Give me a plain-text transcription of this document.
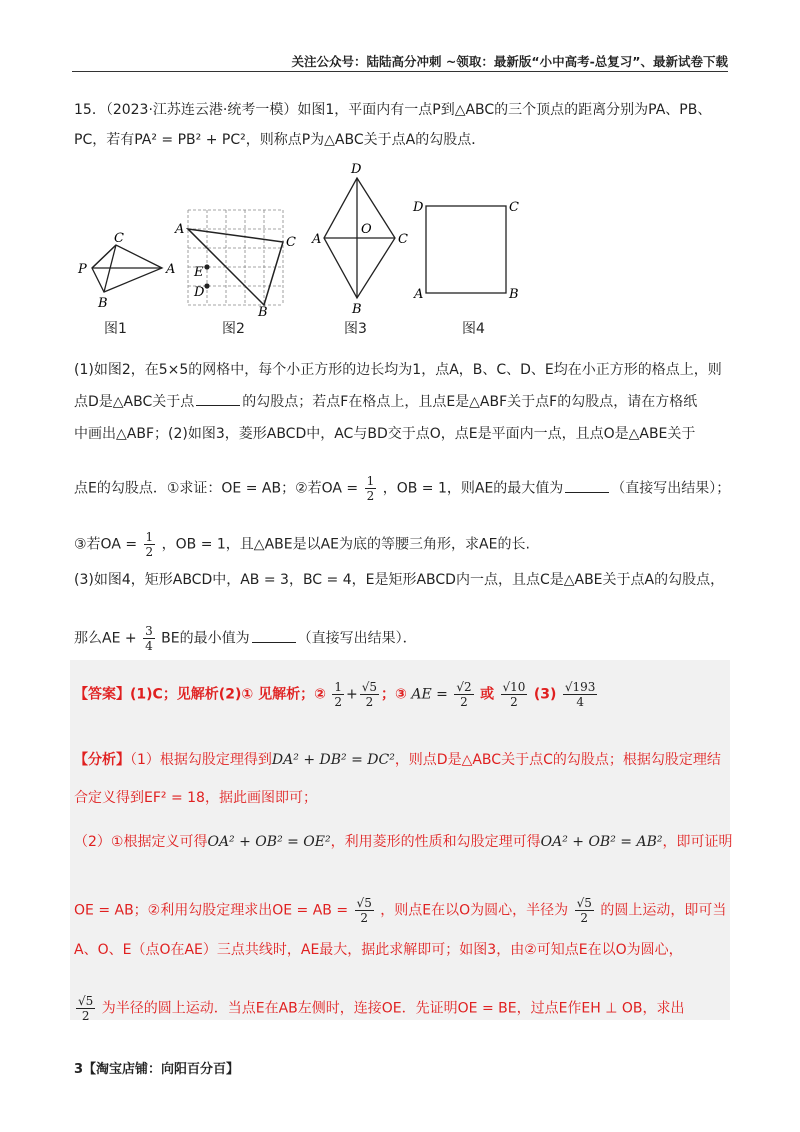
关注公众号：陆陆高分冲刺 ~领取：最新版“小中高考-总复习”、最新试卷下载
15．（2023·江苏连云港·统考一模）如图1，平面内有一点P到△ABC的三个顶点的距离分别为PA、PB、
PC，若有PA² = PB² + PC²，则称点P为△ABC关于点A的勾股点．
C
P	A
B
图1
A
C
E
D
B
图2
D
A
O
C
B
图3
D	C
A	B
图4
(1)如图2，在5×5的网格中，每个小正方形的边长均为1，点A，B、C、D、E均在小正方形的格点上，则
点D是△ABC关于点	的勾股点；若点F在格点上，且点E是△ABF关于点F的勾股点，请在方格纸
中画出△ABF；(2)如图3，菱形ABCD中，AC与BD交于点O，点E是平面内一点，且点O是△ABE关于
点E的勾股点．①求证：OE = AB；②若OA = $\frac{1}{2}$ ，OB = 1，则AE的最大值为	（直接写出结果）；
③若OA = $\frac{1}{2}$ ，OB = 1，且△ABE是以AE为底的等腰三角形，求AE的长.
(3)如图4，矩形ABCD中，AB = 3，BC = 4，E是矩形ABCD内一点，且点C是△ABE关于点A的勾股点，
那么AE + $\frac{3}{4}$ BE的最小值为	（直接写出结果）．
【答案】(1)C；见解析(2)① 见解析；② $\frac{1}{2} + \frac{√5}{2}$ ；③ AE = $\frac{√2}{2}$ 或 $\frac{√10}{2} (3) \frac{√193}{4}$
【分析】（1）根据勾股定理得到DA² + DB² = DC²，则点D是△ABC关于点C的勾股点；根据勾股定理结
合定义得到EF² = 18，据此画图即可；
（2）①根据定义可得OA² + OB² = OE²，利用菱形的性质和勾股定理可得OA² + OB² = AB²，即可证明
OE = AB；②利用勾股定理求出OE = AB = $\frac{√5}{2}$ ，则点E在以O为圆心，半径为 $\frac{√5}{2}$ 的圆上运动，即可当
A、O、E（点O在AE）三点共线时，AE最大，据此求解即可；如图3，由②可知点E在以O为圆心，
$\frac{√5}{2}$ 为半径的圆上运动．当点E在AB左侧时，连接OE．先证明OE = BE，过点E作EH ⊥ OB，求出
3【淘宝店铺：向阳百分百】
